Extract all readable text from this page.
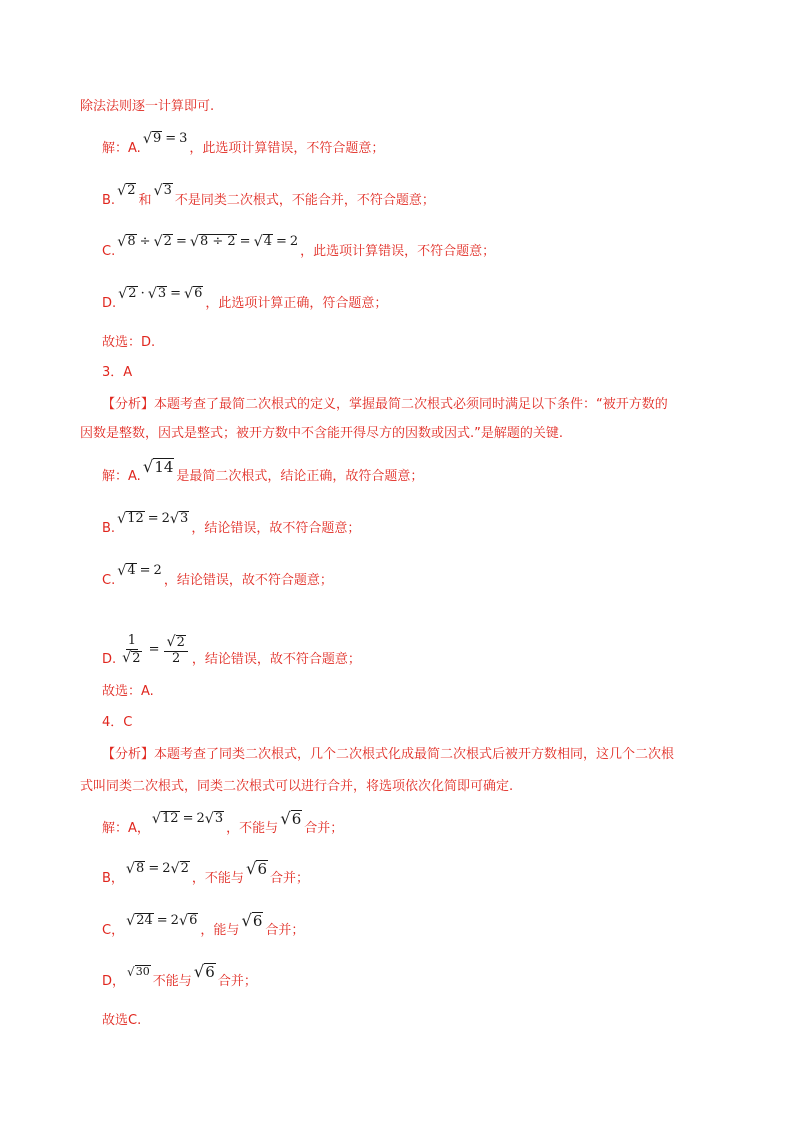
除法法则逐一计算即可.
解：A.
√ 9 = 3
，此选项计算错误，不符合题意；
B.
√ 2
和
√ 3
不是同类二次根式，不能合并，不符合题意；
C.
√ 8 ÷ √ 2 = √ 8 ÷ 2 = √ 4 = 2
，此选项计算错误，不符合题意；
D.
√ 2 · √ 3 = √ 6
，此选项计算正确，符合题意；
故选：D.
3．A
【分析】本题考查了最简二次根式的定义，掌握最简二次根式必须同时满足以下条件：“被开方数的
因数是整数，因式是整式；被开方数中不含能开得尽方的因数或因式.”是解题的关键.
解：A.
√ 14
是最简二次根式，结论正确，故符合题意；
B.
√ 12 = 2 √ 3
，结论错误，故不符合题意；
C.
√ 4 = 2
，结论错误，故不符合题意；
D. $\frac{1}{√ 2} = \frac{√ 2}{2}$ ，结论错误，故不符合题意；
故选：A.
4．C
【分析】本题考查了同类二次根式，几个二次根式化成最简二次根式后被开方数相同，这几个二次根
式叫同类二次根式，同类二次根式可以进行合并，将选项依次化简即可确定.
解：A，
√ 12 = 2 √ 3
，不能与
√ 6
合并；
B，
√ 8 = 2 √ 2
，不能与
√ 6
合并；
C，
√ 24 = 2 √ 6
，能与
√ 6
合并；
D，
√ 30
不能与
√ 6
合并；
故选C.
